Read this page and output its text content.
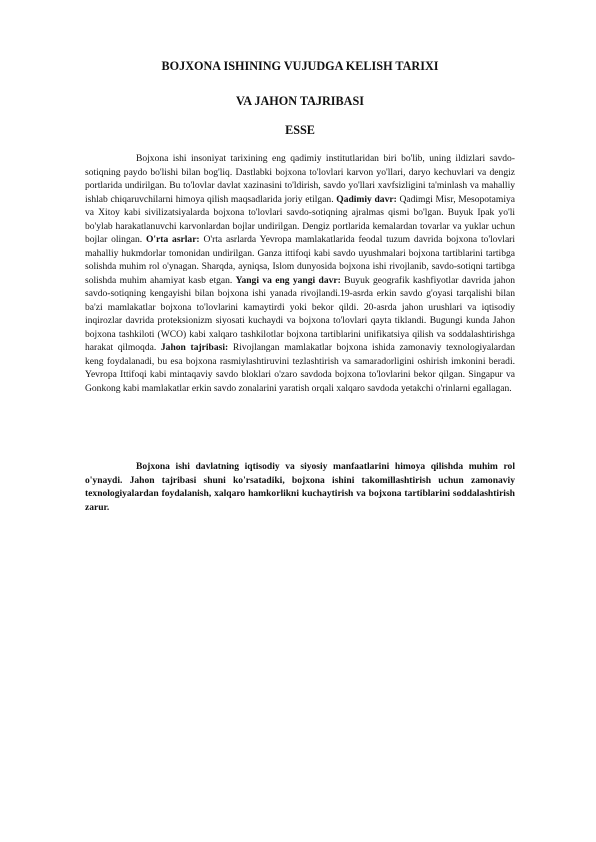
BOJXONA ISHINING VUJUDGA KELISH TARIXI
VA JAHON TAJRIBASI
ESSE

Bojxona ishi insoniyat tarixining eng qadimiy institutlaridan biri bo'lib, uning ildizlari savdo-sotiqning paydo bo'lishi bilan bog'liq. Dastlabki bojxona to'lovlari karvon yo'llari, daryo kechuvlari va dengiz portlarida undirilgan. Bu to'lovlar davlat xazinasini to'ldirish, savdo yo'llari xavfsizligini ta'minlash va mahalliy ishlab chiqaruvchilarni himoya qilish maqsadlarida joriy etilgan. Qadimiy davr: Qadimgi Misr, Mesopotamiya va Xitoy kabi sivilizatsiyalarda bojxona to'lovlari savdo-sotiqning ajralmas qismi bo'lgan. Buyuk Ipak yo'li bo'ylab harakatlanuvchi karvonlardan bojlar undirilgan. Dengiz portlarida kemalardan tovarlar va yuklar uchun bojlar olingan. O'rta asrlar: O'rta asrlarda Yevropa mamlakatlarida feodal tuzum davrida bojxona to'lovlari mahalliy hukmdorlar tomonidan undirilgan. Ganza ittifoqi kabi savdo uyushmalari bojxona tartiblarini tartibga solishda muhim rol o'ynagan. Sharqda, ayniqsa, Islom dunyosida bojxona ishi rivojlanib, savdo-sotiqni tartibga solishda muhim ahamiyat kasb etgan. Yangi va eng yangi davr: Buyuk geografik kashfiyotlar davrida jahon savdo-sotiqning kengayishi bilan bojxona ishi yanada rivojlandi.19-asrda erkin savdo g'oyasi tarqalishi bilan ba'zi mamlakatlar bojxona to'lovlarini kamaytirdi yoki bekor qildi. 20-asrda jahon urushlari va iqtisodiy inqirozlar davrida proteksionizm siyosati kuchaydi va bojxona to'lovlari qayta tiklandi. Bugungi kunda Jahon bojxona tashkiloti (WCO) kabi xalqaro tashkilotlar bojxona tartiblarini unifikatsiya qilish va soddalashtirishga harakat qilmoqda. Jahon tajribasi: Rivojlangan mamlakatlar bojxona ishida zamonaviy texnologiyalardan keng foydalanadi, bu esa bojxona rasmiylashtiruvini tezlashtirish va samaradorligini oshirish imkonini beradi. Yevropa Ittifoqi kabi mintaqaviy savdo bloklari o'zaro savdoda bojxona to'lovlarini bekor qilgan. Singapur va Gonkong kabi mamlakatlar erkin savdo zonalarini yaratish orqali xalqaro savdoda yetakchi o'rinlarni egallagan.

Bojxona ishi davlatning iqtisodiy va siyosiy manfaatlarini himoya qilishda muhim rol o'ynaydi. Jahon tajribasi shuni ko'rsatadiki, bojxona ishini takomillashtirish uchun zamonaviy texnologiyalardan foydalanish, xalqaro hamkorlikni kuchaytirish va bojxona tartiblarini soddalashtirish zarur.
